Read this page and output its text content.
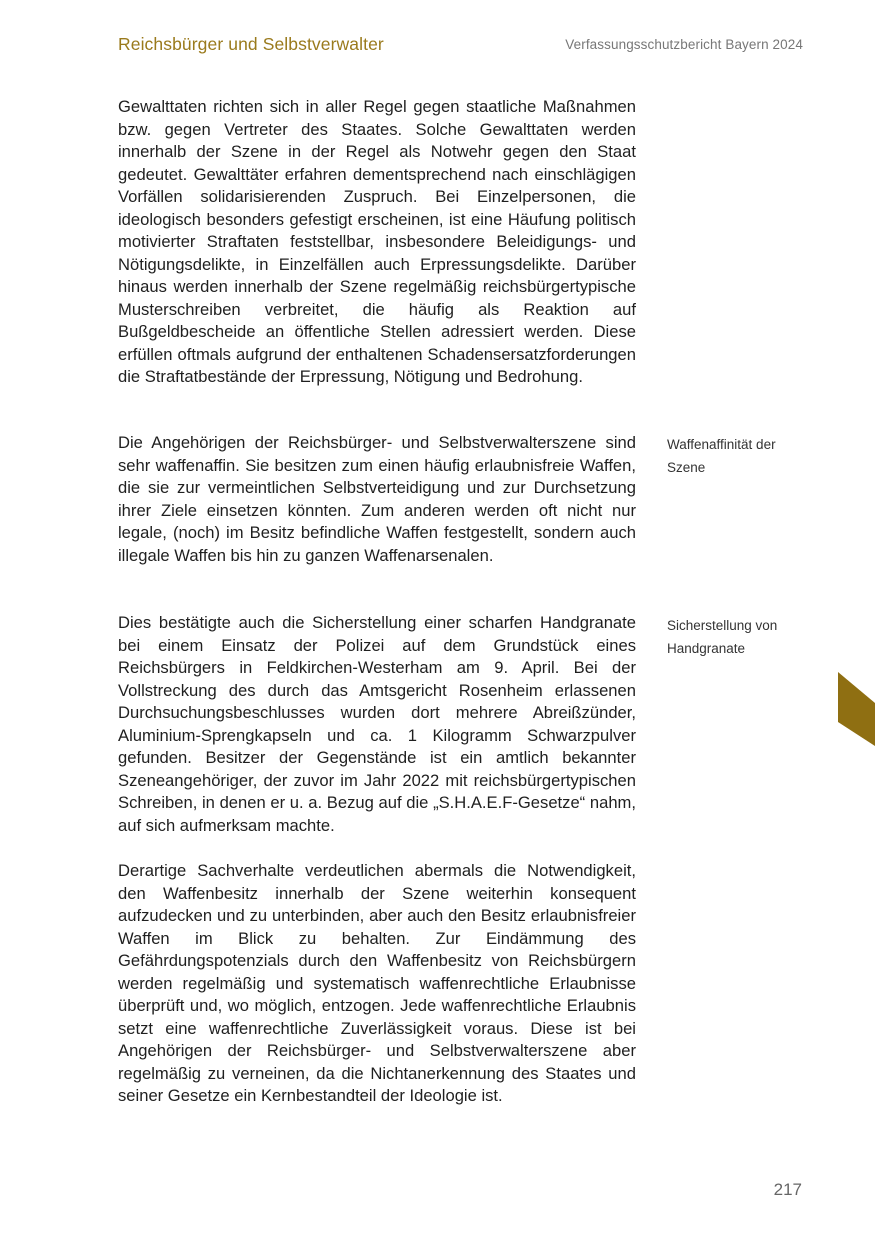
Reichsbürger und Selbstverwalter	Verfassungsschutzbericht Bayern 2024

Gewalttaten richten sich in aller Regel gegen staatliche Maßnahmen bzw. gegen Vertreter des Staates. Solche Gewalttaten werden innerhalb der Szene in der Regel als Notwehr gegen den Staat gedeutet. Gewalttäter erfahren dementsprechend nach einschlägigen Vorfällen solidarisierenden Zuspruch. Bei Einzelpersonen, die ideologisch besonders gefestigt erscheinen, ist eine Häufung politisch motivierter Straftaten feststellbar, insbesondere Beleidigungs- und Nötigungsdelikte, in Einzelfällen auch Erpressungsdelikte. Darüber hinaus werden innerhalb der Szene regelmäßig reichsbürgertypische Musterschreiben verbreitet, die häufig als Reaktion auf Bußgeldbescheide an öffentliche Stellen adressiert werden. Diese erfüllen oftmals aufgrund der enthaltenen Schadensersatzforderungen die Straftatbestände der Erpressung, Nötigung und Bedrohung.

Die Angehörigen der Reichsbürger- und Selbstverwalterszene sind sehr waffenaffin. Sie besitzen zum einen häufig erlaubnisfreie Waffen, die sie zur vermeintlichen Selbstverteidigung und zur Durchsetzung ihrer Ziele einsetzen könnten. Zum anderen werden oft nicht nur legale, (noch) im Besitz befindliche Waffen festgestellt, sondern auch illegale Waffen bis hin zu ganzen Waffenarsenalen.

Dies bestätigte auch die Sicherstellung einer scharfen Handgranate bei einem Einsatz der Polizei auf dem Grundstück eines Reichsbürgers in Feldkirchen-Westerham am 9. April. Bei der Vollstreckung des durch das Amtsgericht Rosenheim erlassenen Durchsuchungsbeschlusses wurden dort mehrere Abreißzünder, Aluminium-Sprengkapseln und ca. 1 Kilogramm Schwarzpulver gefunden. Besitzer der Gegenstände ist ein amtlich bekannter Szeneangehöriger, der zuvor im Jahr 2022 mit reichsbürgertypischen Schreiben, in denen er u. a. Bezug auf die „S.H.A.E.F-Gesetze“ nahm, auf sich aufmerksam machte.

Derartige Sachverhalte verdeutlichen abermals die Notwendigkeit, den Waffenbesitz innerhalb der Szene weiterhin konsequent aufzudecken und zu unterbinden, aber auch den Besitz erlaubnisfreier Waffen im Blick zu behalten. Zur Eindämmung des Gefährdungspotenzials durch den Waffenbesitz von Reichsbürgern werden regelmäßig und systematisch waffenrechtliche Erlaubnisse überprüft und, wo möglich, entzogen. Jede waffenrechtliche Erlaubnis setzt eine waffenrechtliche Zuverlässigkeit voraus. Diese ist bei Angehörigen der Reichsbürger- und Selbstverwalterszene aber regelmäßig zu verneinen, da die Nichtanerkennung des Staates und seiner Gesetze ein Kernbestandteil der Ideologie ist.

Waffenaffinität der Szene
Sicherstellung von Handgranate
217
